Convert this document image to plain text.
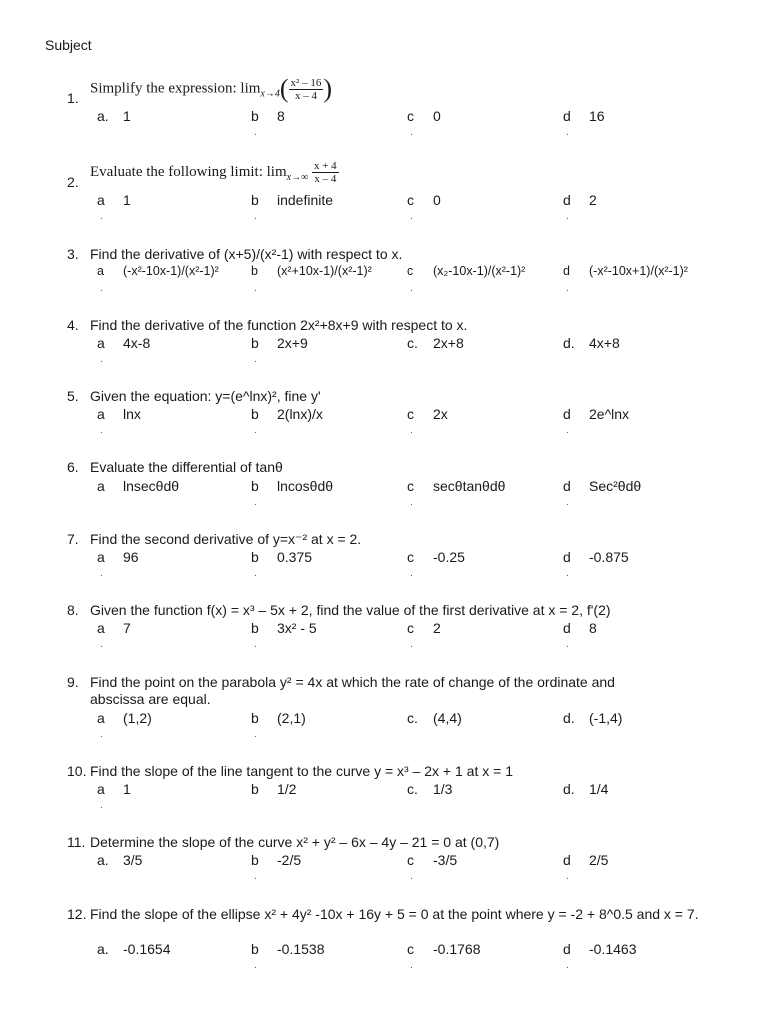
Subject
1.
Simplify the expression: $\lim_{x\to 4}( \frac{\text{x² – 16}}{x - 4}$ )
a. 1	b 8
.
c 0
.
d 16
.
2.
Evaluate the following limit: $\lim_{x\to\infty} \frac{x + 4}{x - 4}$
a 1
.
b indefinite
.
c 0
.
d 2
.
3. Find the derivative of (x+5)/(x²-1) with respect to x.
a (-x²-10x-1)/(x²-1)²
.
b (x²+10x-1)/(x²-1)²
.
c (x₂-10x-1)/(x²-1)²
.
d (-x²-10x+1)/(x²-1)²
.
4. Find the derivative of the function 2x²+8x+9 with respect to x.
a 4x-8
.
b 2x+9
.
c. 2x+8	d. 4x+8
5. Given the equation: y=(e^lnx)², fine y'
a lnx
.
b 2(lnx)/x
.
c 2x
.
d 2e^lnx
.
6. Evaluate the differential of tanθ
a lnsecθdθ	b lncosθdθ
.
c secθtanθdθ
.
d Sec²θdθ
.
7. Find the second derivative of y=x⁻² at x = 2.
a 96
.
b 0.375
.
c -0.25
.
d -0.875
.
8. Given the function f(x) = x³ – 5x + 2, find the value of the first derivative at x = 2, f'(2)
a 7
.
b 3x² - 5
.
c 2
.
d 8
.
9. Find the point on the parabola y² = 4x at which the rate of change of the ordinate and abscissa are equal.
a (1,2)
.
b (2,1)
.
c. (4,4)	d. (-1,4)
10. Find the slope of the line tangent to the curve y = x³ – 2x + 1 at x = 1
a 1
.
b 1/2	c. 1/3	d. 1/4
11. Determine the slope of the curve x² + y² – 6x – 4y – 21 = 0 at (0,7)
a. 3/5	b -2/5
.
c -3/5
.
d 2/5
.
12. Find the slope of the ellipse x² + 4y² -10x + 16y + 5 = 0 at the point where y = -2 + 8^0.5 and x = 7.
a. -0.1654	b -0.1538
.
c -0.1768
.
d -0.1463
.
